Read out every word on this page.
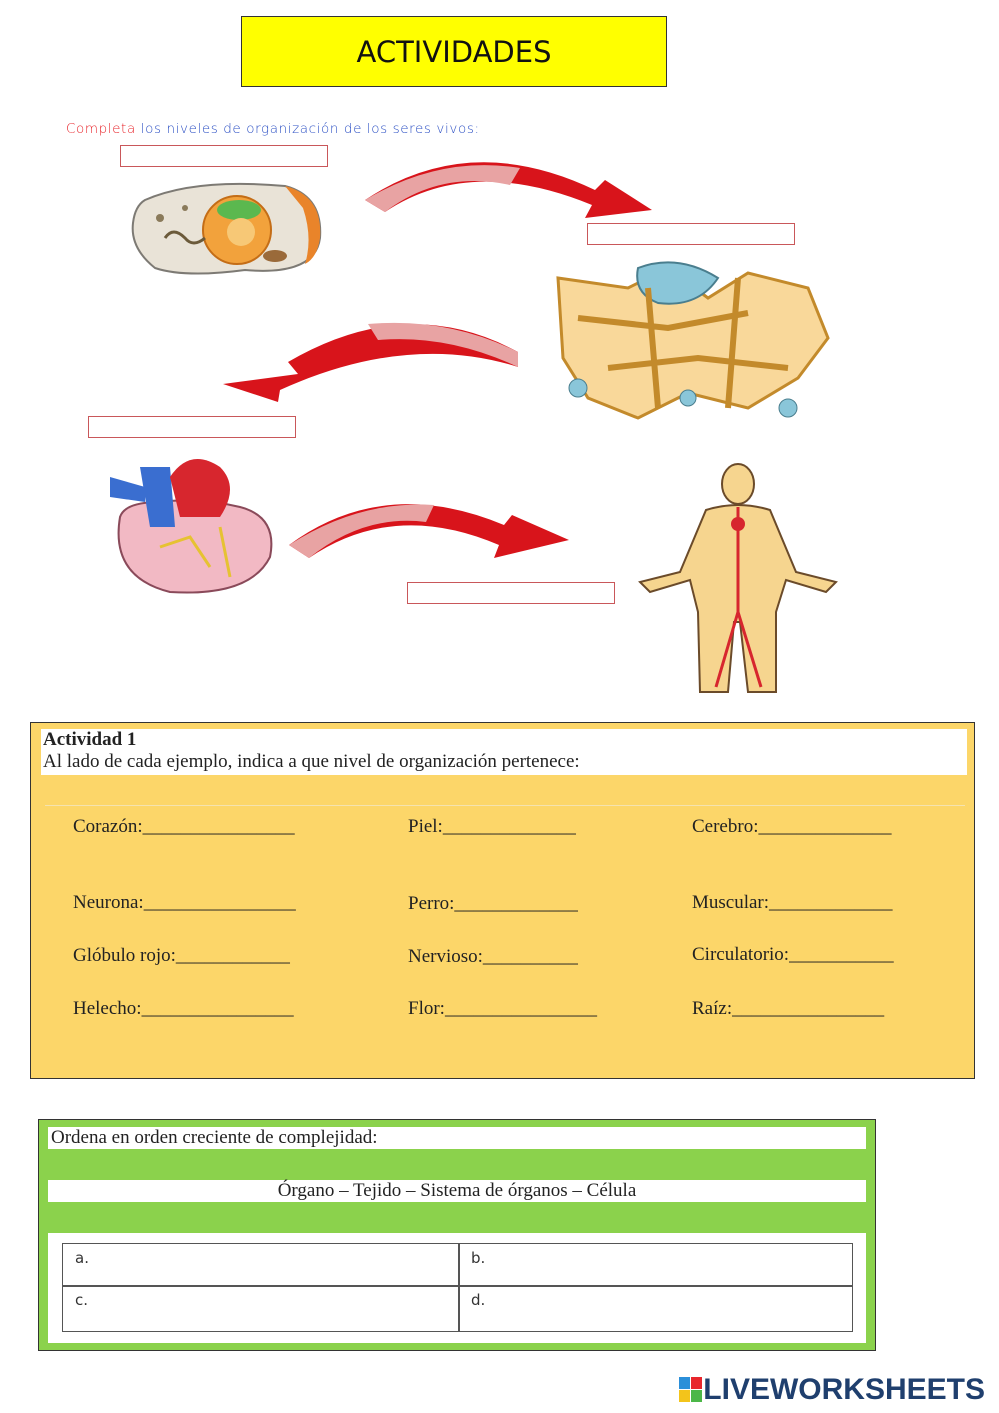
ACTIVIDADES
Completa los niveles de organización de los seres vivos:
Actividad 1
Al lado de cada ejemplo, indica a que nivel de organización pertenece:
Corazón:________________	Piel:______________	Cerebro:______________
Neurona:________________	Perro:_____________	Muscular:_____________
Glóbulo rojo:____________	Nervioso:__________	Circulatorio:___________
Helecho:________________	Flor:________________	Raíz:________________
Ordena en orden creciente de complejidad:
Órgano – Tejido – Sistema de órganos – Célula
a.	b.
c.	d.
LIVEWORKSHEETS
